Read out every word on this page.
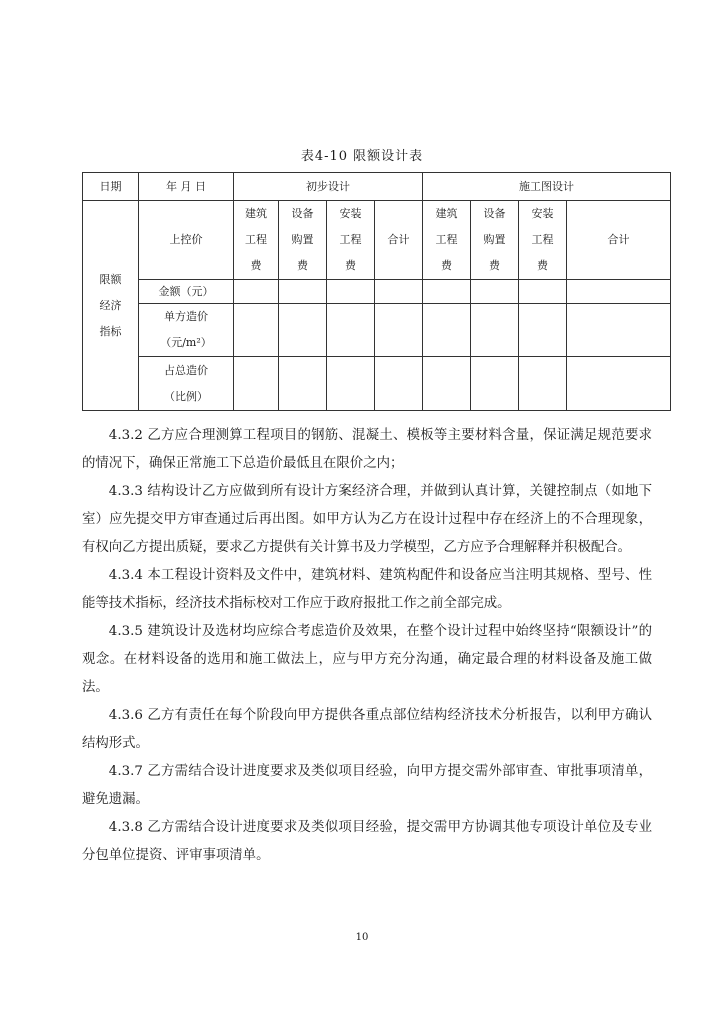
表4-10 限额设计表
日期	年 月 日	初步设计				施工图设计			

限额
经济
指标	上控价	建筑
工程
费	设备
购置
费	安装
工程
费	合计	建筑
工程
费	设备
购置
费	安装
工程
费	合计
	金额（元）								

	单方造价
（元/m²）								

	占总造价
（比例）								

4.3.2 乙方应合理测算工程项目的钢筋、混凝土、模板等主要材料含量，保证满足规范要求的情况下，确保正常施工下总造价最低且在限价之内；

4.3.3 结构设计乙方应做到所有设计方案经济合理，并做到认真计算，关键控制点（如地下室）应先提交甲方审查通过后再出图。如甲方认为乙方在设计过程中存在经济上的不合理现象，有权向乙方提出质疑，要求乙方提供有关计算书及力学模型，乙方应予合理解释并积极配合。

4.3.4 本工程设计资料及文件中，建筑材料、建筑构配件和设备应当注明其规格、型号、性能等技术指标，经济技术指标校对工作应于政府报批工作之前全部完成。

4.3.5 建筑设计及选材均应综合考虑造价及效果，在整个设计过程中始终坚持“限额设计”的观念。在材料设备的选用和施工做法上，应与甲方充分沟通，确定最合理的材料设备及施工做法。

4.3.6 乙方有责任在每个阶段向甲方提供各重点部位结构经济技术分析报告，以利甲方确认结构形式。

4.3.7 乙方需结合设计进度要求及类似项目经验，向甲方提交需外部审查、审批事项清单，避免遗漏。

4.3.8 乙方需结合设计进度要求及类似项目经验，提交需甲方协调其他专项设计单位及专业分包单位提资、评审事项清单。

10
